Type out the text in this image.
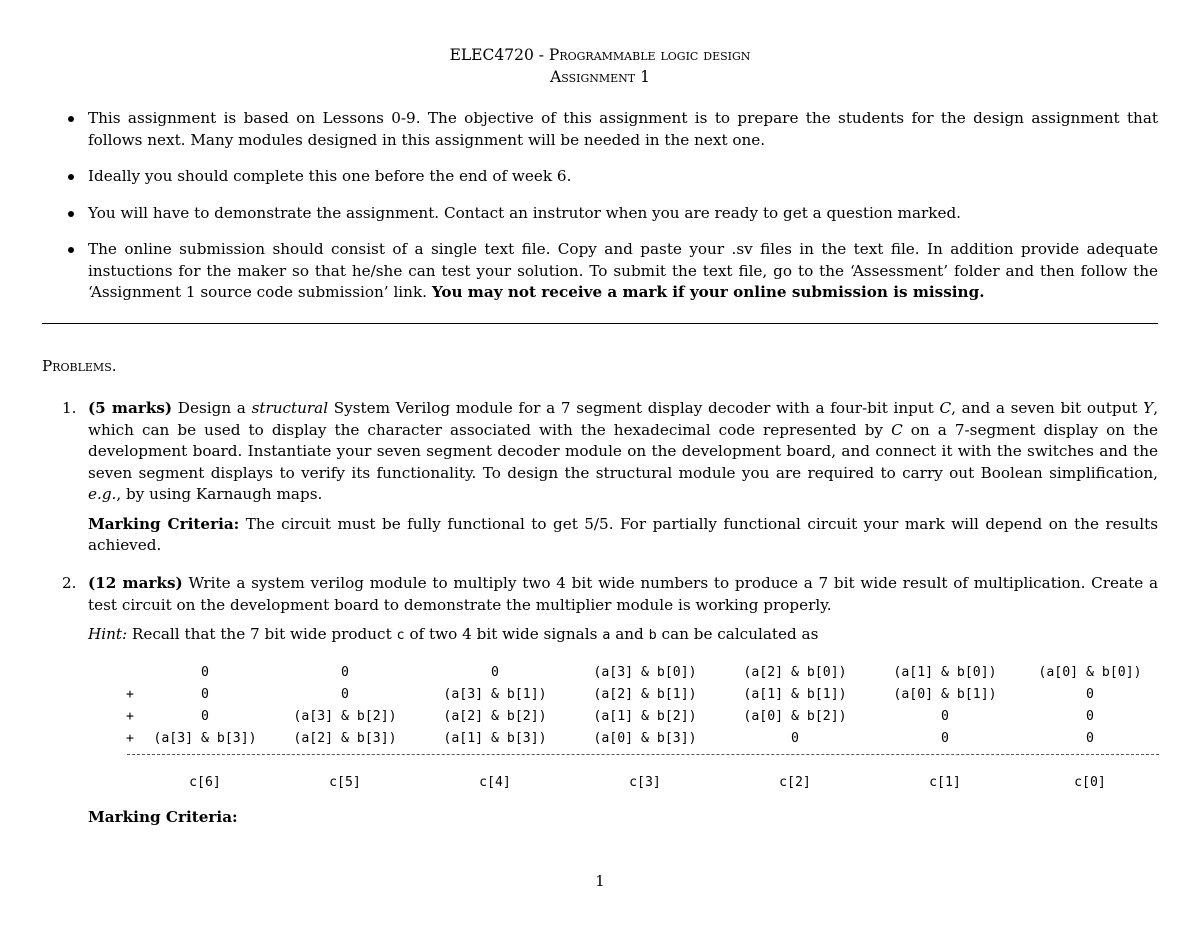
ELEC4720 - Programmable logic design
Assignment 1
This assignment is based on Lessons 0-9. The objective of this assignment is to prepare the students for the design assignment that follows next. Many modules designed in this assignment will be needed in the next one.
Ideally you should complete this one before the end of week 6.
You will have to demonstrate the assignment. Contact an instrutor when you are ready to get a question marked.
The online submission should consist of a single text file. Copy and paste your .sv files in the text file. In addition provide adequate instuctions for the maker so that he/she can test your solution. To submit the text file, go to the ‘Assessment’ folder and then follow the ‘Assignment 1 source code submission’ link. You may not receive a mark if your online submission is missing.
Problems.
1. (5 marks) Design a structural System Verilog module for a 7 segment display decoder with a four-bit input C, and a seven bit output Y, which can be used to display the character associated with the hexadecimal code represented by C on a 7-segment display on the development board. Instantiate your seven segment decoder module on the development board, and connect it with the switches and the seven segment displays to verify its functionality. To design the structural module you are required to carry out Boolean simplification, e.g., by using Karnaugh maps.

Marking Criteria: The circuit must be fully functional to get 5/5. For partially functional circuit your mark will depend on the results achieved.

2. (12 marks) Write a system verilog module to multiply two 4 bit wide numbers to produce a 7 bit wide result of multiplication. Create a test circuit on the development board to demonstrate the multiplier module is working properly.

Hint: Recall that the 7 bit wide product c of two 4 bit wide signals a and b can be calculated as

0	0	0	(a[3] & b[0])	(a[2] & b[0])	(a[1] & b[0])	(a[0] & b[0])
+	0	0	(a[3] & b[1])	(a[2] & b[1])	(a[1] & b[1])	(a[0] & b[1])	0
+	0	(a[3] & b[2])	(a[2] & b[2])	(a[1] & b[2])	(a[0] & b[2])	0	0
+	(a[3] & b[3])	(a[2] & b[3])	(a[1] & b[3])	(a[0] & b[3])	0	0	0
c[6]	c[5]	c[4]	c[3]	c[2]	c[1]	c[0]
Marking Criteria:
1
